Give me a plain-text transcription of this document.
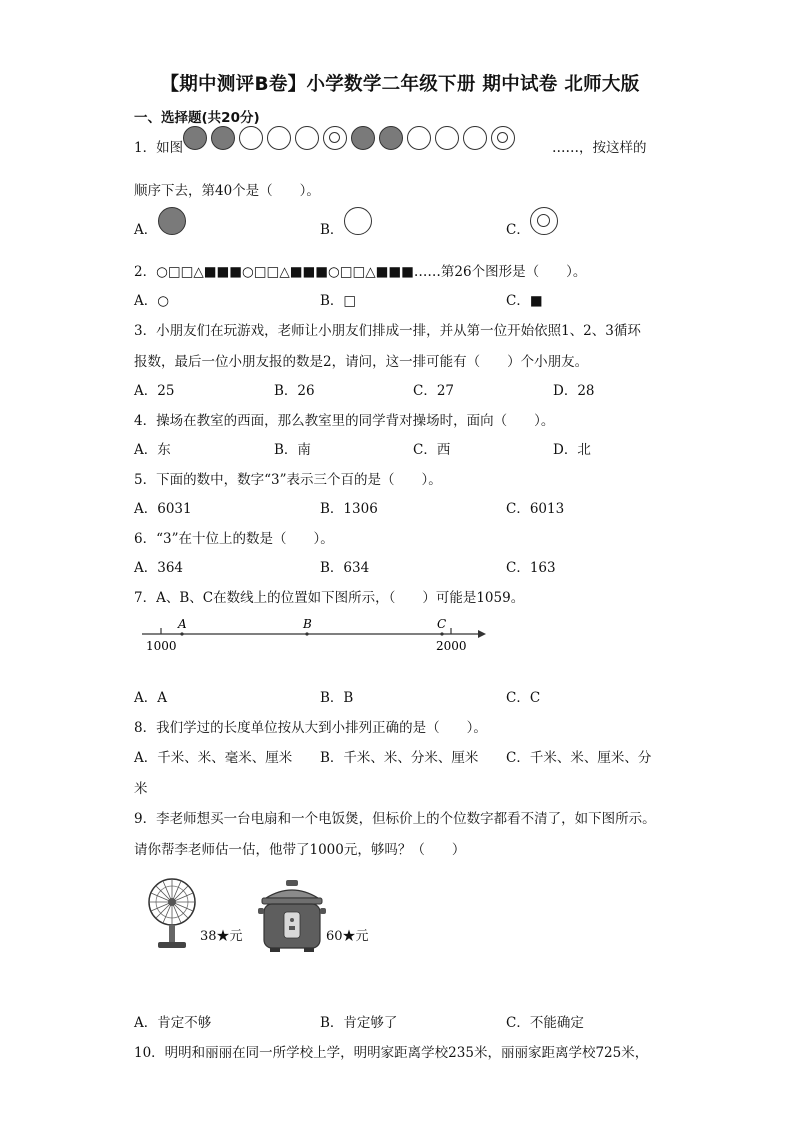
【期中测评B卷】小学数学二年级下册 期中试卷 北师大版
一、选择题(共20分)
1．如图	……，按这样的
顺序下去，第40个是（　　）。
A．	B．	C．
2．○□□△■■■○□□△■■■○□□△■■■……第26个图形是（　　）。
A．○	B．□	C．■
3．小朋友们在玩游戏，老师让小朋友们排成一排，并从第一位开始依照1、2、3循环
报数，最后一位小朋友报的数是2，请问，这一排可能有（　　）个小朋友。
A．25	B．26	C．27	D．28
4．操场在教室的西面，那么教室里的同学背对操场时，面向（　　）。
A．东	B．南	C．西	D．北
5．下面的数中，数字“3”表示三个百的是（　　）。
A．6031	B．1306	C．6013
6．“3”在十位上的数是（　　）。
A．364	B．634	C．163
7．A、B、C在数线上的位置如下图所示，（　　）可能是1059。
A	B	C
1000	2000
A．A	B．B	C．C
8．我们学过的长度单位按从大到小排列正确的是（　　）。
A．千米、米、毫米、厘米 B．千米、米、分米、厘米 C．千米、米、厘米、分
米
9．李老师想买一台电扇和一个电饭煲，但标价上的个位数字都看不清了，如下图所示。
请你帮李老师估一估，他带了1000元，够吗？（　　）
38★元	60★元
A．肯定不够	B．肯定够了	C．不能确定
10．明明和丽丽在同一所学校上学，明明家距离学校235米，丽丽家距离学校725米，
